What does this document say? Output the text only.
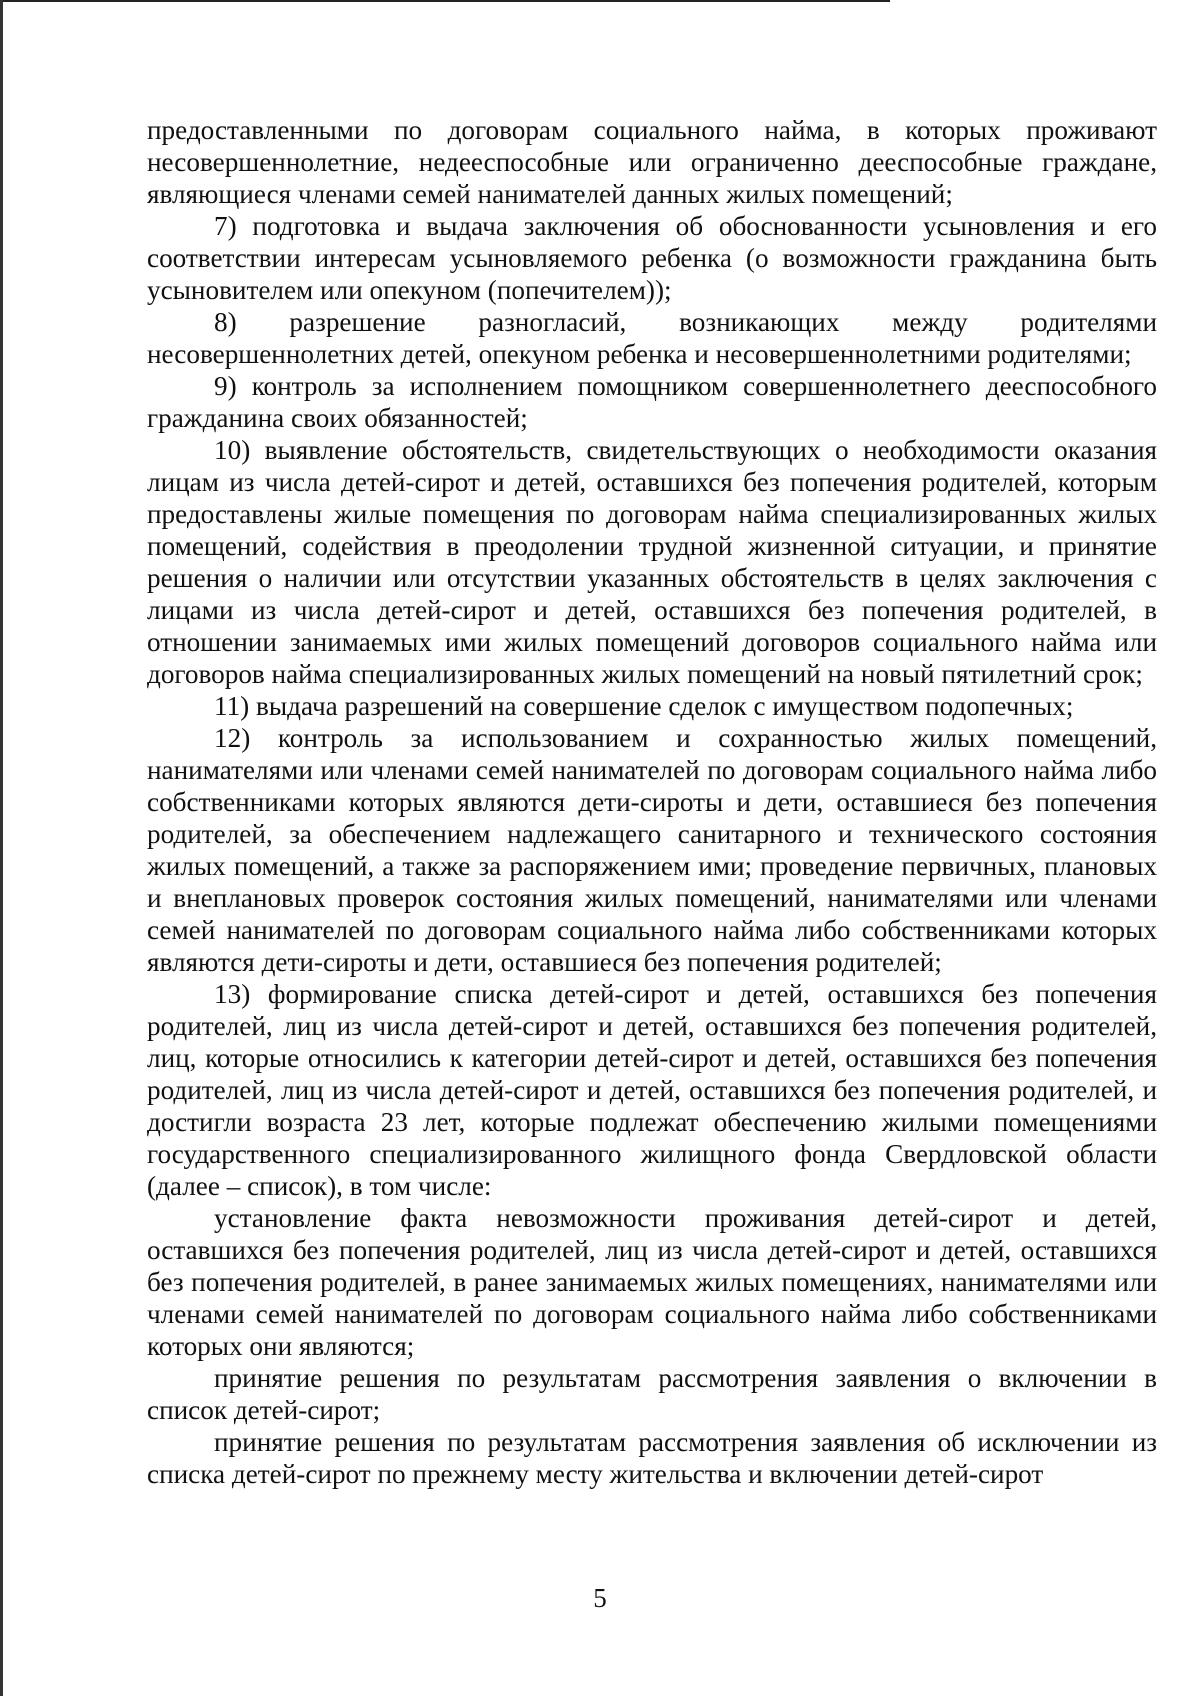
предоставленными по договорам социального найма, в которых проживают несовершеннолетние, недееспособные или ограниченно дееспособные граждане, являющиеся членами семей нанимателей данных жилых помещений;

7) подготовка и выдача заключения об обоснованности усыновления и его соответствии интересам усыновляемого ребенка (о возможности гражданина быть усыновителем или опекуном (попечителем));

8) разрешение разногласий, возникающих между родителями несовершеннолетних детей, опекуном ребенка и несовершеннолетними родителями;

9) контроль за исполнением помощником совершеннолетнего дееспособного гражданина своих обязанностей;

10) выявление обстоятельств, свидетельствующих о необходимости оказания лицам из числа детей-сирот и детей, оставшихся без попечения родителей, которым предоставлены жилые помещения по договорам найма специализированных жилых помещений, содействия в преодолении трудной жизненной ситуации, и принятие решения о наличии или отсутствии указанных обстоятельств в целях заключения с лицами из числа детей-сирот и детей, оставшихся без попечения родителей, в отношении занимаемых ими жилых помещений договоров социального найма или договоров найма специализированных жилых помещений на новый пятилетний срок;

11) выдача разрешений на совершение сделок с имуществом подопечных;

12) контроль за использованием и сохранностью жилых помещений, нанимателями или членами семей нанимателей по договорам социального найма либо собственниками которых являются дети-сироты и дети, оставшиеся без попечения родителей, за обеспечением надлежащего санитарного и технического состояния жилых помещений, а также за распоряжением ими; проведение первичных, плановых и внеплановых проверок состояния жилых помещений, нанимателями или членами семей нанимателей по договорам социального найма либо собственниками которых являются дети-сироты и дети, оставшиеся без попечения родителей;

13) формирование списка детей-сирот и детей, оставшихся без попечения родителей, лиц из числа детей-сирот и детей, оставшихся без попечения родителей, лиц, которые относились к категории детей-сирот и детей, оставшихся без попечения родителей, лиц из числа детей-сирот и детей, оставшихся без попечения родителей, и достигли возраста 23 лет, которые подлежат обеспечению жилыми помещениями государственного специализированного жилищного фонда Свердловской области (далее – список), в том числе:

установление факта невозможности проживания детей-сирот и детей, оставшихся без попечения родителей, лиц из числа детей-сирот и детей, оставшихся без попечения родителей, в ранее занимаемых жилых помещениях, нанимателями или членами семей нанимателей по договорам социального найма либо собственниками которых они являются;

принятие решения по результатам рассмотрения заявления о включении в список детей-сирот;

принятие решения по результатам рассмотрения заявления об исключении из списка детей-сирот по прежнему месту жительства и включении детей-сирот

5
